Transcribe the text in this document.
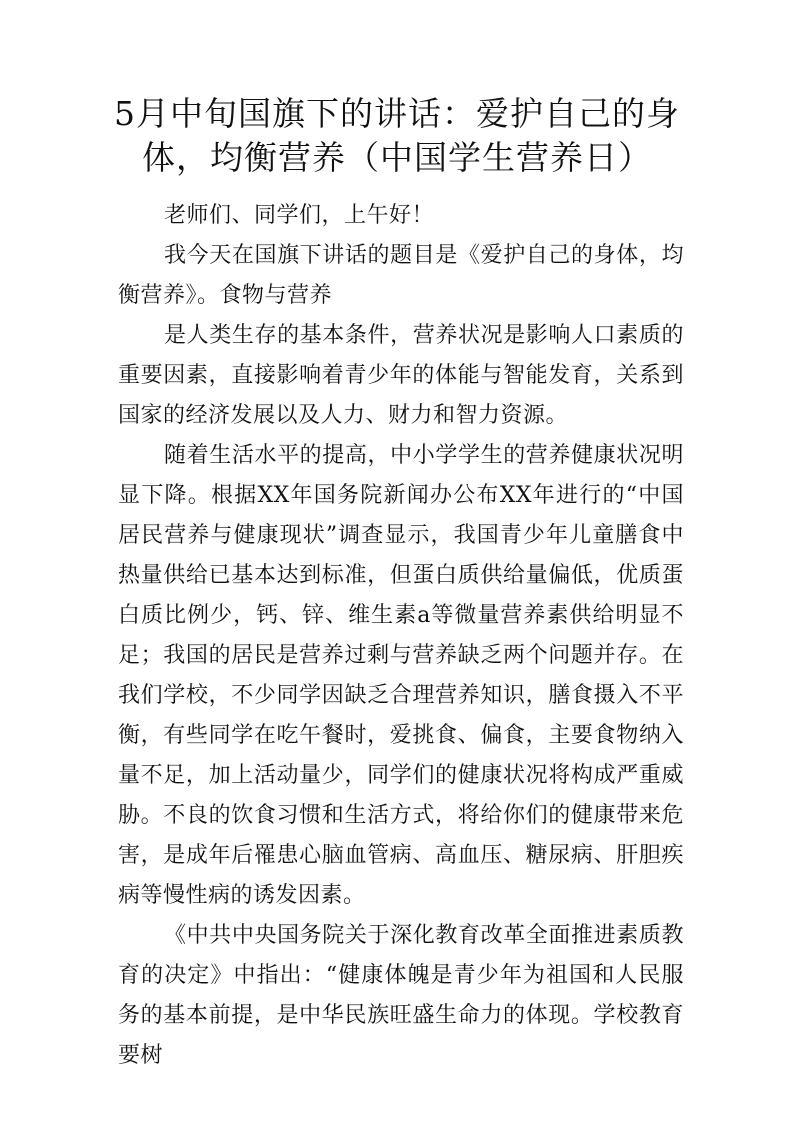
5月中旬国旗下的讲话：爱护自己的身体，均衡营养（中国学生营养日）

老师们、同学们，上午好！

我今天在国旗下讲话的题目是《爱护自己的身体，均衡营养》。食物与营养

是人类生存的基本条件，营养状况是影响人口素质的重要因素，直接影响着青少年的体能与智能发育，关系到国家的经济发展以及人力、财力和智力资源。

随着生活水平的提高，中小学学生的营养健康状况明显下降。根据XX年国务院新闻办公布XX年进行的“中国居民营养与健康现状”调查显示，我国青少年儿童膳食中热量供给已基本达到标准，但蛋白质供给量偏低，优质蛋白质比例少，钙、锌、维生素a等微量营养素供给明显不足；我国的居民是营养过剩与营养缺乏两个问题并存。在我们学校，不少同学因缺乏合理营养知识，膳食摄入不平衡，有些同学在吃午餐时，爱挑食、偏食，主要食物纳入量不足，加上活动量少，同学们的健康状况将构成严重威胁。不良的饮食习惯和生活方式，将给你们的健康带来危害，是成年后罹患心脑血管病、高血压、糖尿病、肝胆疾病等慢性病的诱发因素。

《中共中央国务院关于深化教育改革全面推进素质教育的决定》中指出：“健康体魄是青少年为祖国和人民服务的基本前提，是中华民族旺盛生命力的体现。学校教育要树
